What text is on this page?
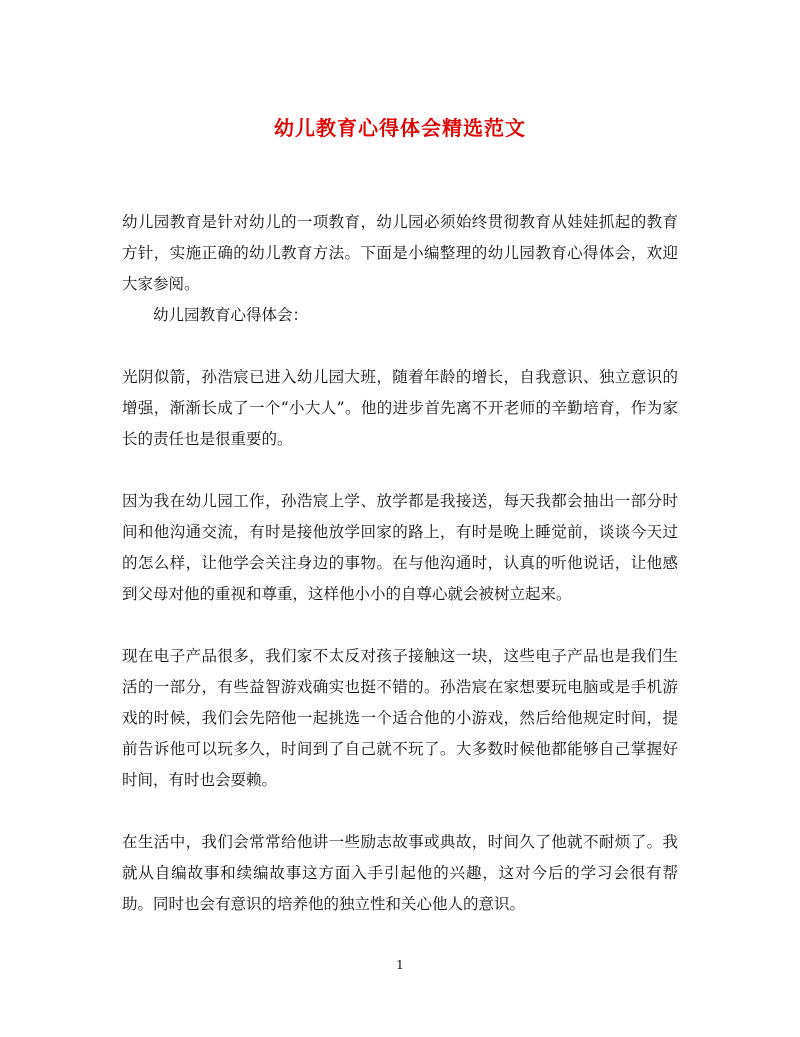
幼儿教育心得体会精选范文

幼儿园教育是针对幼儿的一项教育，幼儿园必须始终贯彻教育从娃娃抓起的教育方针，实施正确的幼儿教育方法。下面是小编整理的幼儿园教育心得体会，欢迎大家参阅。

幼儿园教育心得体会：

光阴似箭，孙浩宸已进入幼儿园大班，随着年龄的增长，自我意识、独立意识的增强，渐渐长成了一个“小大人”。他的进步首先离不开老师的辛勤培育，作为家长的责任也是很重要的。

因为我在幼儿园工作，孙浩宸上学、放学都是我接送，每天我都会抽出一部分时间和他沟通交流，有时是接他放学回家的路上，有时是晚上睡觉前，谈谈今天过的怎么样，让他学会关注身边的事物。在与他沟通时，认真的听他说话，让他感到父母对他的重视和尊重，这样他小小的自尊心就会被树立起来。

现在电子产品很多，我们家不太反对孩子接触这一块，这些电子产品也是我们生活的一部分，有些益智游戏确实也挺不错的。孙浩宸在家想要玩电脑或是手机游戏的时候，我们会先陪他一起挑选一个适合他的小游戏，然后给他规定时间，提前告诉他可以玩多久，时间到了自己就不玩了。大多数时候他都能够自己掌握好时间，有时也会耍赖。

在生活中，我们会常常给他讲一些励志故事或典故，时间久了他就不耐烦了。我就从自编故事和续编故事这方面入手引起他的兴趣，这对今后的学习会很有帮助。同时也会有意识的培养他的独立性和关心他人的意识。

1
